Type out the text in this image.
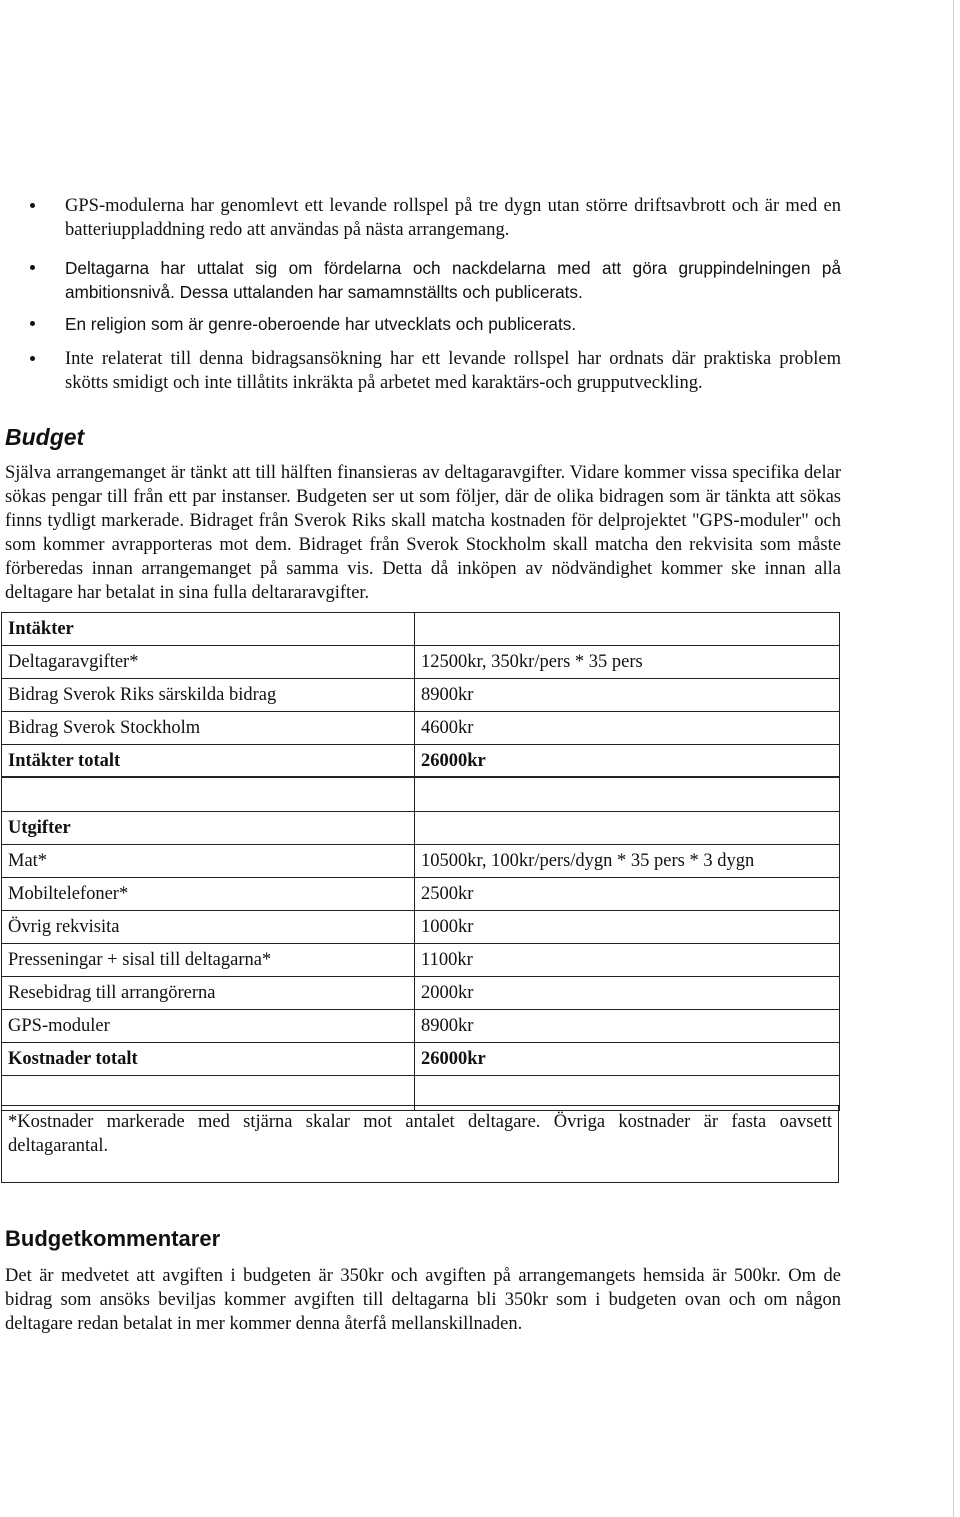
GPS-modulerna har genomlevt ett levande rollspel på tre dygn utan större driftsavbrott och är med en batteriuppladdning redo att användas på nästa arrangemang.
Deltagarna har uttalat sig om fördelarna och nackdelarna med att göra gruppindelningen på ambitionsnivå. Dessa uttalanden har samamnställts och publicerats.
En religion som är genre-oberoende har utvecklats och publicerats.
Inte relaterat till denna bidragsansökning har ett levande rollspel har ordnats där praktiska problem skötts smidigt och inte tillåtits inkräkta på arbetet med karaktärs-och grupputveckling.
Budget
Själva arrangemanget är tänkt att till hälften finansieras av deltagaravgifter. Vidare kommer vissa specifika delar sökas pengar till från ett par instanser. Budgeten ser ut som följer, där de olika bidragen som är tänkta att sökas finns tydligt markerade. Bidraget från Sverok Riks skall matcha kostnaden för delprojektet "GPS-moduler" och som kommer avrapporteras mot dem. Bidraget från Sverok Stockholm skall matcha den rekvisita som måste förberedas innan arrangemanget på samma vis. Detta då inköpen av nödvändighet kommer ske innan alla deltagare har betalat in sina fulla deltararavgifter.
Intäkter	
Deltagaravgifter*	12500kr, 350kr/pers * 35 pers
Bidrag Sverok Riks särskilda bidrag	8900kr
Bidrag Sverok Stockholm	4600kr
Intäkter totalt	26000kr

Utgifter	
Mat*	10500kr, 100kr/pers/dygn * 35 pers * 3 dygn
Mobiltelefoner*	2500kr
Övrig rekvisita	1000kr
Presseningar + sisal till deltagarna*	1100kr
Resebidrag till arrangörerna	2000kr
GPS-moduler	8900kr
Kostnader totalt	26000kr

*Kostnader markerade med stjärna skalar mot antalet deltagare. Övriga kostnader är fasta oavsett deltagarantal.
Budgetkommentarer
Det är medvetet att avgiften i budgeten är 350kr och avgiften på arrangemangets hemsida är 500kr. Om de bidrag som ansöks beviljas kommer avgiften till deltagarna bli 350kr som i budgeten ovan och om någon deltagare redan betalat in mer kommer denna återfå mellanskillnaden.
